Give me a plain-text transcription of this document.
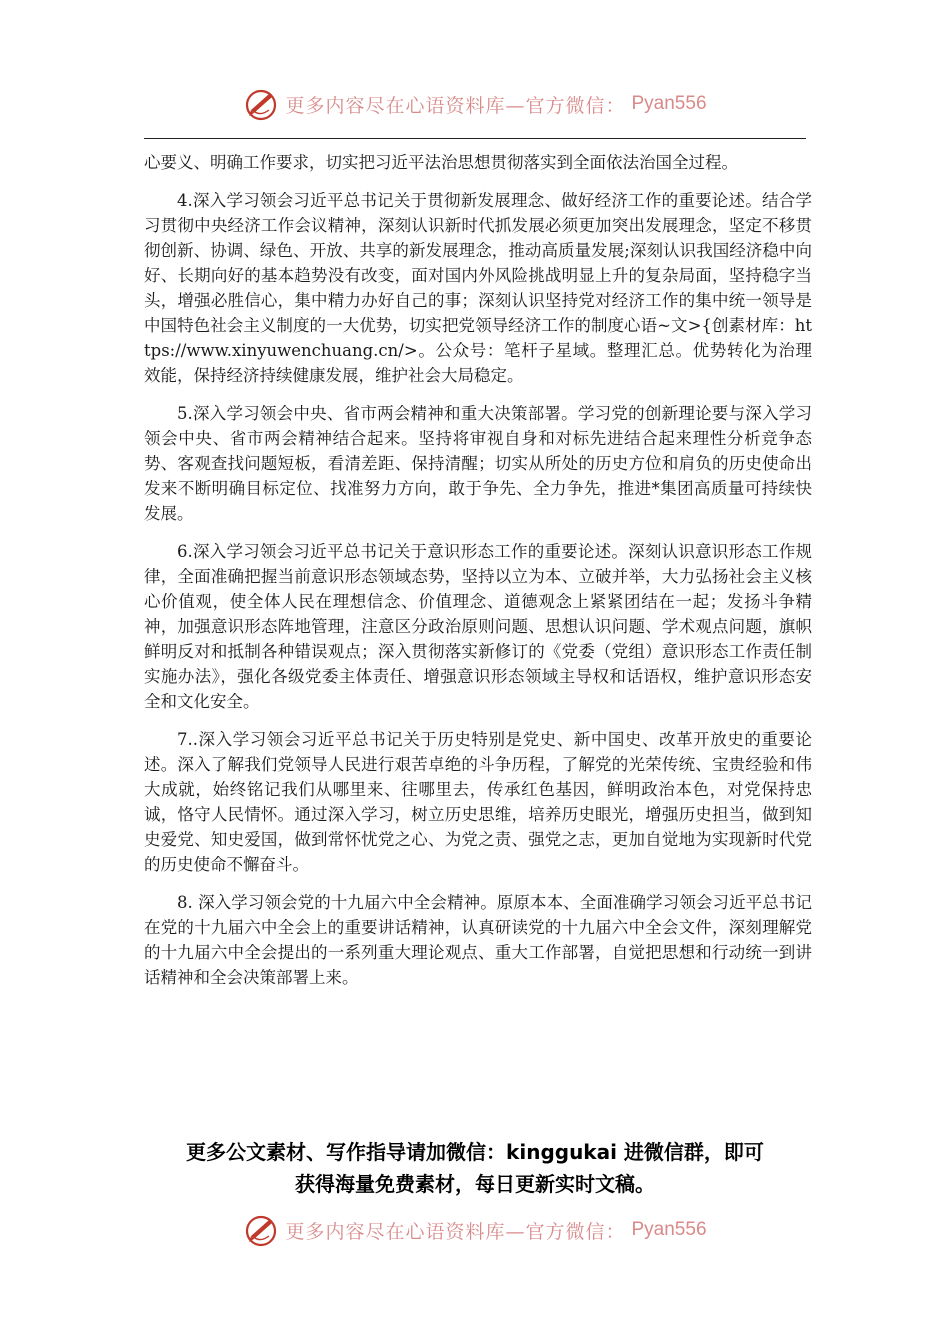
更多内容尽在心语资料库—官方微信： Pyan556

心要义、明确工作要求，切实把习近平法治思想贯彻落实到全面依法治国全过程。

4.深入学习领会习近平总书记关于贯彻新发展理念、做好经济工作的重要论述。结合学习贯彻中央经济工作会议精神，深刻认识新时代抓发展必须更加突出发展理念，坚定不移贯彻创新、协调、绿色、开放、共享的新发展理念，推动高质量发展;深刻认识我国经济稳中向好、长期向好的基本趋势没有改变，面对国内外风险挑战明显上升的复杂局面，坚持稳字当头，增强必胜信心，集中精力办好自己的事；深刻认识坚持党对经济工作的集中统一领导是中国特色社会主义制度的一大优势，切实把党领导经济工作的制度心语~文>{创素材库：https://www.xinyuwenchuang.cn/>。公众号：笔杆子星域。整理汇总。优势转化为治理效能，保持经济持续健康发展，维护社会大局稳定。

5.深入学习领会中央、省市两会精神和重大决策部署。学习党的创新理论要与深入学习领会中央、省市两会精神结合起来。坚持将审视自身和对标先进结合起来理性分析竞争态势、客观查找问题短板，看清差距、保持清醒；切实从所处的历史方位和肩负的历史使命出发来不断明确目标定位、找准努力方向，敢于争先、全力争先，推进*集团高质量可持续快发展。

6.深入学习领会习近平总书记关于意识形态工作的重要论述。深刻认识意识形态工作规律，全面准确把握当前意识形态领域态势，坚持以立为本、立破并举，大力弘扬社会主义核心价值观，使全体人民在理想信念、价值理念、道德观念上紧紧团结在一起；发扬斗争精神，加强意识形态阵地管理，注意区分政治原则问题、思想认识问题、学术观点问题，旗帜鲜明反对和抵制各种错误观点；深入贯彻落实新修订的《党委（党组）意识形态工作责任制实施办法》，强化各级党委主体责任、增强意识形态领域主导权和话语权，维护意识形态安全和文化安全。

7..深入学习领会习近平总书记关于历史特别是党史、新中国史、改革开放史的重要论述。深入了解我们党领导人民进行艰苦卓绝的斗争历程，了解党的光荣传统、宝贵经验和伟大成就，始终铭记我们从哪里来、往哪里去，传承红色基因，鲜明政治本色，对党保持忠诚，恪守人民情怀。通过深入学习，树立历史思维，培养历史眼光，增强历史担当，做到知史爱党、知史爱国，做到常怀忧党之心、为党之责、强党之志，更加自觉地为实现新时代党的历史使命不懈奋斗。

8. 深入学习领会党的十九届六中全会精神。原原本本、全面准确学习领会习近平总书记在党的十九届六中全会上的重要讲话精神，认真研读党的十九届六中全会文件，深刻理解党的十九届六中全会提出的一系列重大理论观点、重大工作部署，自觉把思想和行动统一到讲话精神和全会决策部署上来。

更多公文素材、写作指导请加微信：kinggukai 进微信群，即可
获得海量免费素材，每日更新实时文稿。
更多内容尽在心语资料库—官方微信： Pyan556
